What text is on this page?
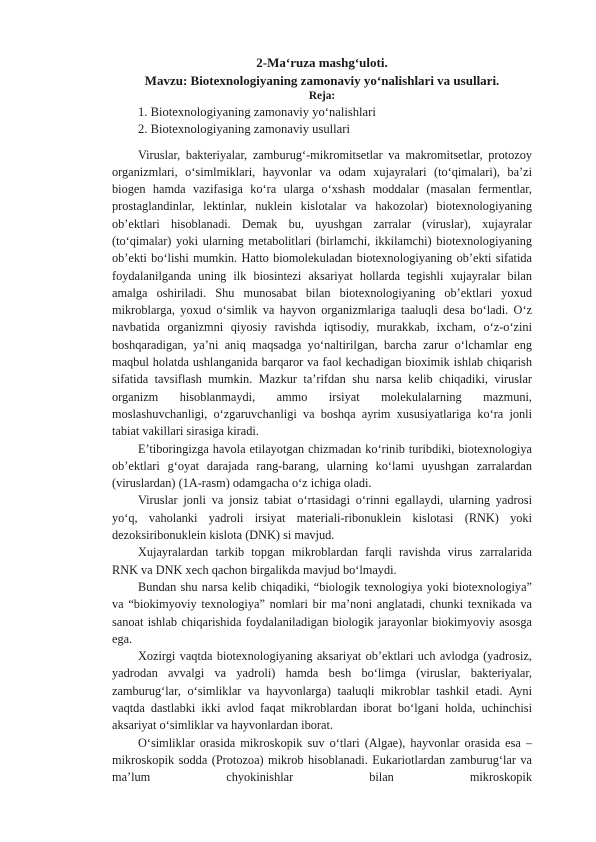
2-Ma‘ruza mashg‘uloti.
Mavzu: Biotexnologiyaning zamonaviy yo‘nalishlari va usullari.
Reja:
1. Biotexnologiyaning zamonaviy yo‘nalishlari
2. Biotexnologiyaning zamonaviy usullari

Viruslar, bakteriyalar, zamburug‘-mikromitsetlar va makromitsetlar, protozoy organizmlari, o‘simlmiklari, hayvonlar va odam xujayralari (to‘qimalari), ba’zi biogen hamda vazifasiga ko‘ra ularga o‘xshash moddalar (masalan fermentlar, prostaglandinlar, lektinlar, nuklein kislotalar va hakozolar) biotexnologiyaning ob’ektlari hisoblanadi. Demak bu, uyushgan zarralar (viruslar), xujayralar (to‘qimalar) yoki ularning metabolitlari (birlamchi, ikkilamchi) biotexnologiyaning ob’ekti bo‘lishi mumkin. Hatto biomolekuladan biotexnologiyaning ob’ekti sifatida foydalanilganda uning ilk biosintezi aksariyat hollarda tegishli xujayralar bilan amalga oshiriladi. Shu munosabat bilan biotexnologiyaning ob’ektlari yoxud mikroblarga, yoxud o‘simlik va hayvon organizmlariga taaluqli desa bo‘ladi. O‘z navbatida organizmni qiyosiy ravishda iqtisodiy, murakkab, ixcham, o‘z-o‘zini boshqaradigan, ya’ni aniq maqsadga yo‘naltirilgan, barcha zarur o‘lchamlar eng maqbul holatda ushlanganida barqaror va faol kechadigan bioximik ishlab chiqarish sifatida tavsiflash mumkin. Mazkur ta’rifdan shu narsa kelib chiqadiki, viruslar organizm hisoblanmaydi, ammo irsiyat molekulalarning mazmuni, moslashuvchanligi, o‘zgaruvchanligi va boshqa ayrim xususiyatlariga ko‘ra jonli tabiat vakillari sirasiga kiradi.

E’tiboringizga havola etilayotgan chizmadan ko‘rinib turibdiki, biotexnologiya ob’ektlari g‘oyat darajada rang-barang, ularning ko‘lami uyushgan zarralardan (viruslardan) (1A-rasm) odamgacha o‘z ichiga oladi.

Viruslar jonli va jonsiz tabiat o‘rtasidagi o‘rinni egallaydi, ularning yadrosi yo‘q, vaholanki yadroli irsiyat materiali-ribonuklein kislotasi (RNK) yoki dezoksiribonuklein kislota (DNK) si mavjud.

Xujayralardan tarkib topgan mikroblardan farqli ravishda virus zarralarida RNK va DNK xech qachon birgalikda mavjud bo‘lmaydi.

Bundan shu narsa kelib chiqadiki, “biologik texnologiya yoki biotexnologiya” va “biokimyoviy texnologiya” nomlari bir ma’noni anglatadi, chunki texnikada va sanoat ishlab chiqarishida foydalaniladigan biologik jarayonlar biokimyoviy asosga ega.

Xozirgi vaqtda biotexnologiyaning aksariyat ob’ektlari uch avlodga (yadrosiz, yadrodan avvalgi va yadroli) hamda besh bo‘limga (viruslar, bakteriyalar, zamburug‘lar, o‘simliklar va hayvonlarga) taaluqli mikroblar tashkil etadi. Ayni vaqtda dastlabki ikki avlod faqat mikroblardan iborat bo‘lgani holda, uchinchisi aksariyat o‘simliklar va hayvonlardan iborat.

O‘simliklar orasida mikroskopik suv o‘tlari (Algae), hayvonlar orasida esa – mikroskopik sodda (Protozoa) mikrob hisoblanadi. Eukariotlardan zamburug‘lar va ma’lum chyokinishlar bilan mikroskopik
